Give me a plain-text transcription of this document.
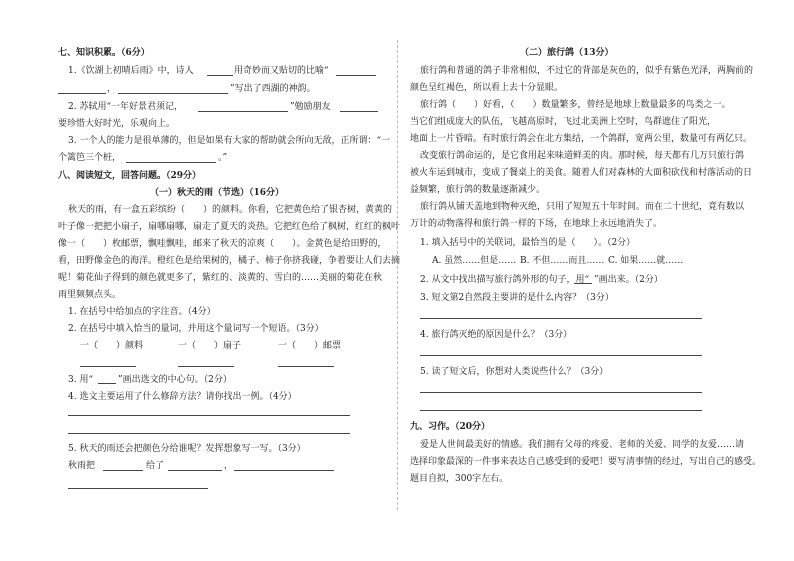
七、知识积累。（6分）
1.《饮湖上初晴后雨》中，诗人	用奇妙而又贴切的比喻“
，	”写出了西湖的神韵。
2. 苏轼用“一年好景君须记，	”勉励朋友
要珍惜大好时光，乐观向上。
3. 一个人的能力是很单薄的，但是如果有大家的帮助就会所向无敌，正所谓：“一
个篱笆三个桩，	。”
八、阅读短文，回答问题。（29分）
（一）秋天的雨（节选）（16分）
秋天的雨，有一盒五彩缤纷（　　）的颜料。你看，它把黄色给了银杏树，黄黄的
叶子像一把把小扇子，扇哪扇哪，扇走了夏天的炎热。它把红色给了枫树，红红的枫叶
像一（　　）枚邮票，飘哇飘哇，邮来了秋天的凉爽（　　）。金黄色是给田野的，
看，田野像金色的海洋。橙红色是给果树的，橘子、柿子你挤我碰，争着要让人们去摘
呢！菊花仙子得到的颜色就更多了，紫红的、淡黄的、雪白的……美丽的菊花在秋
雨里频频点头。
1. 在括号中给加点的字注音。（4分）
2. 在括号中填入恰当的量词，并用这个量词写一个短语。（3分）
一（　　）颜料	一（　　）扇子	一（　　）邮票
3. 用“	”画出选文的中心句。（2分）
4. 选文主要运用了什么修辞方法？请你找出一例。（4分）
5. 秋天的雨还会把颜色分给谁呢？发挥想象写一写。（3分）
秋雨把	给了	，
（二）旅行鸽（13分）
旅行鸽和普通的鸽子非常相似，不过它的背部是灰色的，似乎有紫色光泽，两胸前的
颜色呈红褐色，所以看上去十分显眼。
旅行鸽（　　）好看，（　　）数量繁多，曾经是地球上数量最多的鸟类之一。
当它们组成庞大的队伍，飞越高原时，飞过北美洲上空时，鸟群遮住了阳光，
地面上一片昏暗。有时旅行鸽会在北方集结，一个鸽群，宽两公里，数量可有两亿只。
改变旅行鸽命运的，是它食用起来味道鲜美的肉。那时候，每天都有几万只旅行鸽
被火车运到城市，变成了餐桌上的美食。随着人们对森林的大面积砍伐和村落活动的日
益频繁，旅行鸽的数量逐渐减少。
旅行鸽从铺天盖地到物种灭绝，只用了短短五十年时间。而在二十世纪，竟有数以
万计的动物落得和旅行鸽一样的下场，在地球上永远地消失了。
1. 填入括号中的关联词，最恰当的是（　　）。（2分）
A. 虽然……但是…… B. 不但……而且…… C. 如果……就……
2. 从文中找出描写旅行鸽外形的句子，用“ ”画出来。（2分）
3. 短文第2自然段主要讲的是什么内容？（3分）
4. 旅行鸽灭绝的原因是什么？（3分）
5. 读了短文后，你想对人类说些什么？（3分）
九、习作。（20分）
爱是人世间最美好的情感。我们拥有父母的疼爱、老师的关爱、同学的友爱……请
选择印象最深的一件事来表达自己感受到的爱吧！要写清事情的经过，写出自己的感受。
题目自拟，300字左右。
